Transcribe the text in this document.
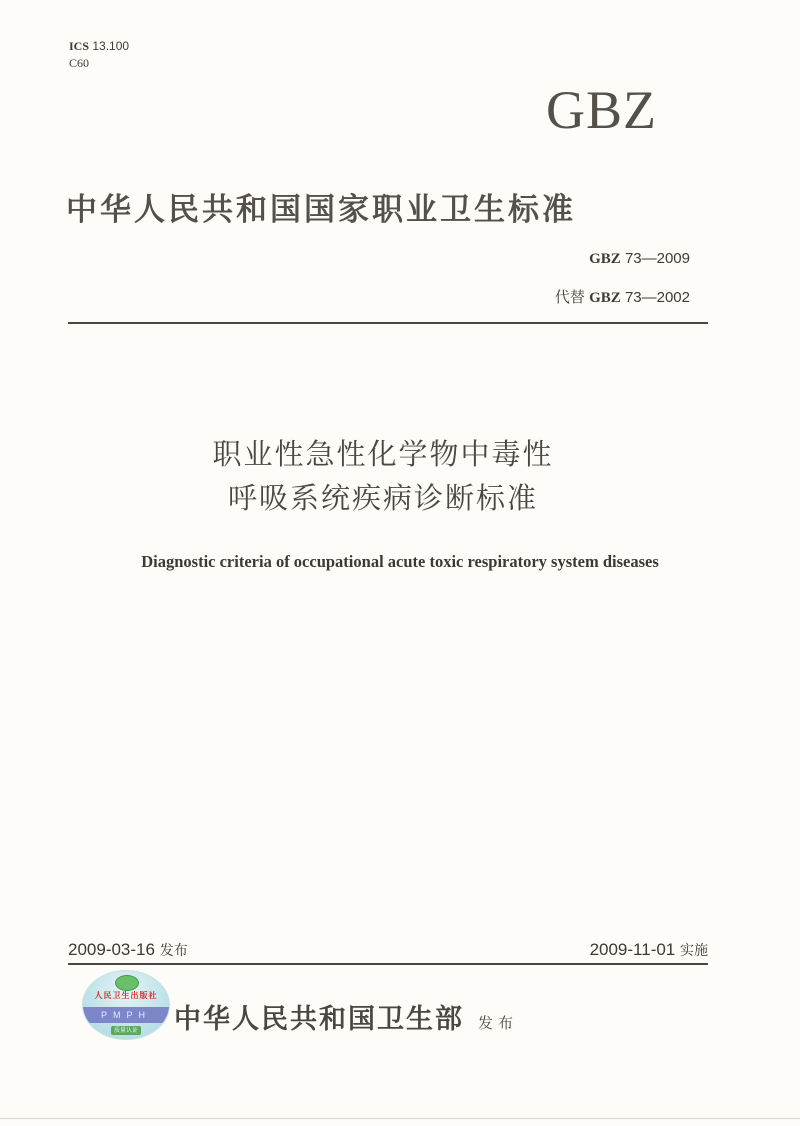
ICS 13.100
C60
GBZ
中华人民共和国国家职业卫生标准
GBZ 73—2009
代替 GBZ 73—2002
职业性急性化学物中毒性
呼吸系统疾病诊断标准
Diagnostic criteria of occupational acute toxic respiratory system diseases
2009-03-16 发布	2009-11-01 实施
人民卫生出版社
PMPH
质量认证 中华人民共和国卫生部 发布
